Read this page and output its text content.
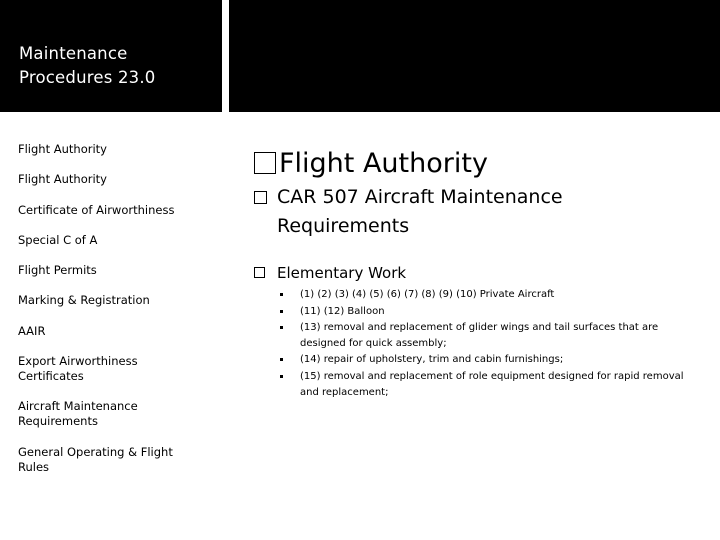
Maintenance Procedures 23.0
Flight Authority
Flight Authority
Certificate of Airworthiness
Special C of A
Flight Permits
Marking & Registration
AAIR
Export Airworthiness Certificates
Aircraft Maintenance Requirements
General Operating & Flight Rules
Flight Authority
CAR 507 Aircraft Maintenance Requirements
Elementary Work
(1) (2) (3) (4) (5) (6) (7) (8) (9) (10) Private Aircraft
(11) (12) Balloon
(13) removal and replacement of glider wings and tail surfaces that are designed for quick assembly;
(14) repair of upholstery, trim and cabin furnishings;
(15) removal and replacement of role equipment designed for rapid removal and replacement;
